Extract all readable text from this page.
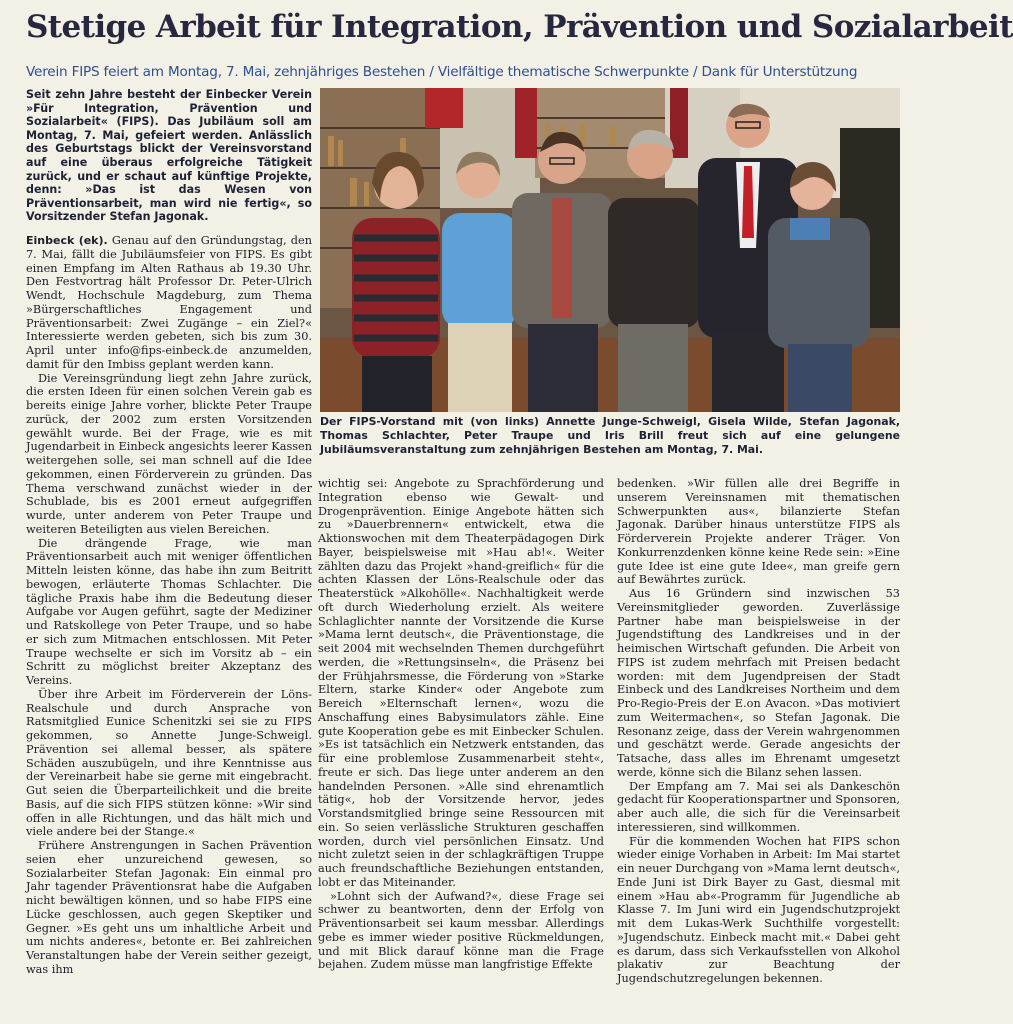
Stetige Arbeit für Integration, Prävention und Sozialarbeit
Verein FIPS feiert am Montag, 7. Mai, zehnjähriges Bestehen / Vielfältige thematische Schwerpunkte / Dank für Unterstützung
Seit zehn Jahre besteht der Einbecker Verein »Für Integration, Prävention und Sozialarbeit« (FIPS). Das Jubiläum soll am Montag, 7. Mai, gefeiert werden. Anlässlich des Geburtstags blickt der Vereinsvorstand auf eine überaus erfolgreiche Tätigkeit zurück, und er schaut auf künftige Projekte, denn: »Das ist das Wesen von Präventionsarbeit, man wird nie fertig«, so Vorsitzender Stefan Jagonak.
Der FIPS-Vorstand mit (von links) Annette Junge-Schweigl, Gisela Wilde, Stefan Jagonak, Thomas Schlachter, Peter Traupe und Iris Brill freut sich auf eine gelungene Jubiläumsveranstaltung zum zehnjährigen Bestehen am Montag, 7. Mai.

Einbeck (ek). Genau auf den Gründungstag, den 7. Mai, fällt die Jubiläumsfeier von FIPS. Es gibt einen Empfang im Alten Rathaus ab 19.30 Uhr. Den Festvortrag hält Professor Dr. Peter-Ulrich Wendt, Hochschule Magdeburg, zum Thema »Bürgerschaftliches Engagement und Präventionsarbeit: Zwei Zugänge – ein Ziel?« Interessierte werden gebeten, sich bis zum 30. April unter info@fips-einbeck.de anzumelden, damit für den Imbiss geplant werden kann.

Die Vereinsgründung liegt zehn Jahre zurück, die ersten Ideen für einen solchen Verein gab es bereits einige Jahre vorher, blickte Peter Traupe zurück, der 2002 zum ersten Vorsitzenden gewählt wurde. Bei der Frage, wie es mit Jugendarbeit in Einbeck angesichts leerer Kassen weitergehen solle, sei man schnell auf die Idee gekommen, einen Förderverein zu gründen. Das Thema verschwand zunächst wieder in der Schublade, bis es 2001 erneut aufgegriffen wurde, unter anderem von Peter Traupe und weiteren Beteiligten aus vielen Bereichen.

Die drängende Frage, wie man Präventionsarbeit auch mit weniger öffentlichen Mitteln leisten könne, das habe ihn zum Beitritt bewogen, erläuterte Thomas Schlachter. Die tägliche Praxis habe ihm die Bedeutung dieser Aufgabe vor Augen geführt, sagte der Mediziner und Ratskollege von Peter Traupe, und so habe er sich zum Mitmachen entschlossen. Mit Peter Traupe wechselte er sich im Vorsitz ab – ein Schritt zu möglichst breiter Akzeptanz des Vereins.

Über ihre Arbeit im Förderverein der Löns-Realschule und durch Ansprache von Ratsmitglied Eunice Schenitzki sei sie zu FIPS gekommen, so Annette Junge-Schweigl. Prävention sei allemal besser, als spätere Schäden auszubügeln, und ihre Kenntnisse aus der Vereinarbeit habe sie gerne mit eingebracht. Gut seien die Überparteilichkeit und die breite Basis, auf die sich FIPS stützen könne: »Wir sind offen in alle Richtungen, und das hält mich und viele andere bei der Stange.«

Frühere Anstrengungen in Sachen Prävention seien eher unzureichend gewesen, so Sozialarbeiter Stefan Jagonak: Ein einmal pro Jahr tagender Präventionsrat habe die Aufgaben nicht bewältigen können, und so habe FIPS eine Lücke geschlossen, auch gegen Skeptiker und Gegner. »Es geht uns um inhaltliche Arbeit und um nichts anderes«, betonte er. Bei zahlreichen Veranstaltungen habe der Verein seither gezeigt, was ihm

wichtig sei: Angebote zu Sprachförderung und Integration ebenso wie Gewalt- und Drogenprävention. Einige Angebote hätten sich zu »Dauerbrennern« entwickelt, etwa die Aktionswochen mit dem Theaterpädagogen Dirk Bayer, beispielsweise mit »Hau ab!«. Weiter zählten dazu das Projekt »hand-greiflich« für die achten Klassen der Löns-Realschule oder das Theaterstück »Alkohölle«. Nachhaltigkeit werde oft durch Wiederholung erzielt. Als weitere Schlaglichter nannte der Vorsitzende die Kurse »Mama lernt deutsch«, die Präventionstage, die seit 2004 mit wechselnden Themen durchgeführt werden, die »Rettungsinseln«, die Präsenz bei der Frühjahrsmesse, die Förderung von »Starke Eltern, starke Kinder« oder Angebote zum Bereich »Elternschaft lernen«, wozu die Anschaffung eines Babysimulators zähle. Eine gute Kooperation gebe es mit Einbecker Schulen. »Es ist tatsächlich ein Netzwerk entstanden, das für eine problemlose Zusammenarbeit steht«, freute er sich. Das liege unter anderem an den handelnden Personen. »Alle sind ehrenamtlich tätig«, hob der Vorsitzende hervor, jedes Vorstandsmitglied bringe seine Ressourcen mit ein. So seien verlässliche Strukturen geschaffen worden, durch viel persönlichen Einsatz. Und nicht zuletzt seien in der schlagkräftigen Truppe auch freundschaftliche Beziehungen entstanden, lobt er das Miteinander.

»Lohnt sich der Aufwand?«, diese Frage sei schwer zu beantworten, denn der Erfolg von Präventionsarbeit sei kaum messbar. Allerdings gebe es immer wieder positive Rückmeldungen, und mit Blick darauf könne man die Frage bejahen. Zudem müsse man langfristige Effekte

bedenken. »Wir füllen alle drei Begriffe in unserem Vereinsnamen mit thematischen Schwerpunkten aus«, bilanzierte Stefan Jagonak. Darüber hinaus unterstütze FIPS als Förderverein Projekte anderer Träger. Von Konkurrenzdenken könne keine Rede sein: »Eine gute Idee ist eine gute Idee«, man greife gern auf Bewährtes zurück.

Aus 16 Gründern sind inzwischen 53 Vereinsmitglieder geworden. Zuverlässige Partner habe man beispielsweise in der Jugendstiftung des Landkreises und in der heimischen Wirtschaft gefunden. Die Arbeit von FIPS ist zudem mehrfach mit Preisen bedacht worden: mit dem Jugendpreisen der Stadt Einbeck und des Landkreises Northeim und dem Pro-Regio-Preis der E.on Avacon. »Das motiviert zum Weitermachen«, so Stefan Jagonak. Die Resonanz zeige, dass der Verein wahrgenommen und geschätzt werde. Gerade angesichts der Tatsache, dass alles im Ehrenamt umgesetzt werde, könne sich die Bilanz sehen lassen.

Der Empfang am 7. Mai sei als Dankeschön gedacht für Kooperationspartner und Sponsoren, aber auch alle, die sich für die Vereinsarbeit interessieren, sind willkommen.

Für die kommenden Wochen hat FIPS schon wieder einige Vorhaben in Arbeit: Im Mai startet ein neuer Durchgang von »Mama lernt deutsch«, Ende Juni ist Dirk Bayer zu Gast, diesmal mit einem »Hau ab«-Programm für Jugendliche ab Klasse 7. Im Juni wird ein Jugendschutzprojekt mit dem Lukas-Werk Suchthilfe vorgestellt: »Jugendschutz. Einbeck macht mit.« Dabei geht es darum, dass sich Verkaufsstellen von Alkohol plakativ zur Beachtung der Jugendschutzregelungen bekennen.
